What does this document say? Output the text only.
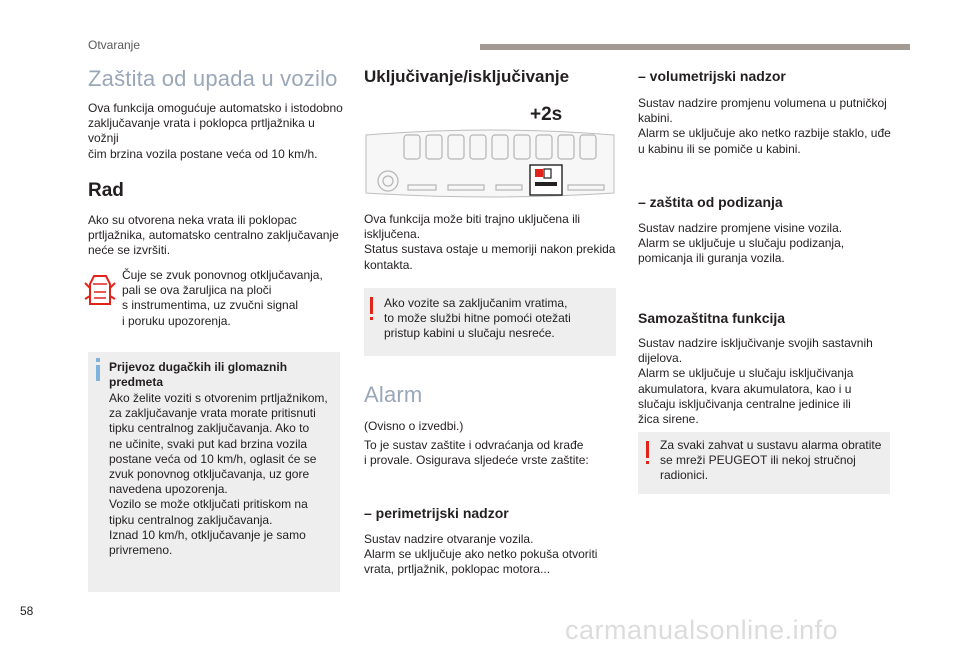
Otvaranje
Zaštita od upada u vozilo
Ova funkcija omogućuje automatsko i istodobno
zaključavanje vrata i poklopca prtljažnika u vožnji
čim brzina vozila postane veća od 10 km/h.
Rad
Ako su otvorena neka vrata ili poklopac
prtljažnika, automatsko centralno zaključavanje
neće se izvršiti.
Čuje se zvuk ponovnog otključavanja,
pali se ova žaruljica na ploči
s instrumentima, uz zvučni signal
i poruku upozorenja.
Prijevoz dugačkih ili glomaznih
predmeta
Ako želite voziti s otvorenim prtljažnikom,
za zaključavanje vrata morate pritisnuti
tipku centralnog zaključavanja. Ako to
ne učinite, svaki put kad brzina vozila
postane veća od 10 km/h, oglasit će se
zvuk ponovnog otključavanja, uz gore
navedena upozorenja.
Vozilo se može otključati pritiskom na
tipku centralnog zaključavanja.
Iznad 10 km/h, otključavanje je samo
privremeno.
Uključivanje/isključivanje
+2s
Ova funkcija može biti trajno uključena ili
isključena.
Status sustava ostaje u memoriji nakon prekida
kontakta.
Ako vozite sa zaključanim vratima,
to može službi hitne pomoći otežati
pristup kabini u slučaju nesreće.
Alarm
(Ovisno o izvedbi.)
To je sustav zaštite i odvraćanja od krađe
i provale. Osigurava sljedeće vrste zaštite:
– perimetrijski nadzor
Sustav nadzire otvaranje vozila.
Alarm se uključuje ako netko pokuša otvoriti
vrata, prtljažnik, poklopac motora...
– volumetrijski nadzor
Sustav nadzire promjenu volumena u putničkoj
kabini.
Alarm se uključuje ako netko razbije staklo, uđe
u kabinu ili se pomiče u kabini.
– zaštita od podizanja
Sustav nadzire promjene visine vozila.
Alarm se uključuje u slučaju podizanja,
pomicanja ili guranja vozila.
Samozaštitna funkcija
Sustav nadzire isključivanje svojih sastavnih
dijelova.
Alarm se uključuje u slučaju isključivanja
akumulatora, kvara akumulatora, kao i u
slučaju isključivanja centralne jedinice ili
žica sirene.
Za svaki zahvat u sustavu alarma obratite
se mreži PEUGEOT ili nekoj stručnoj
radionici.
58
carmanualsonline.info
